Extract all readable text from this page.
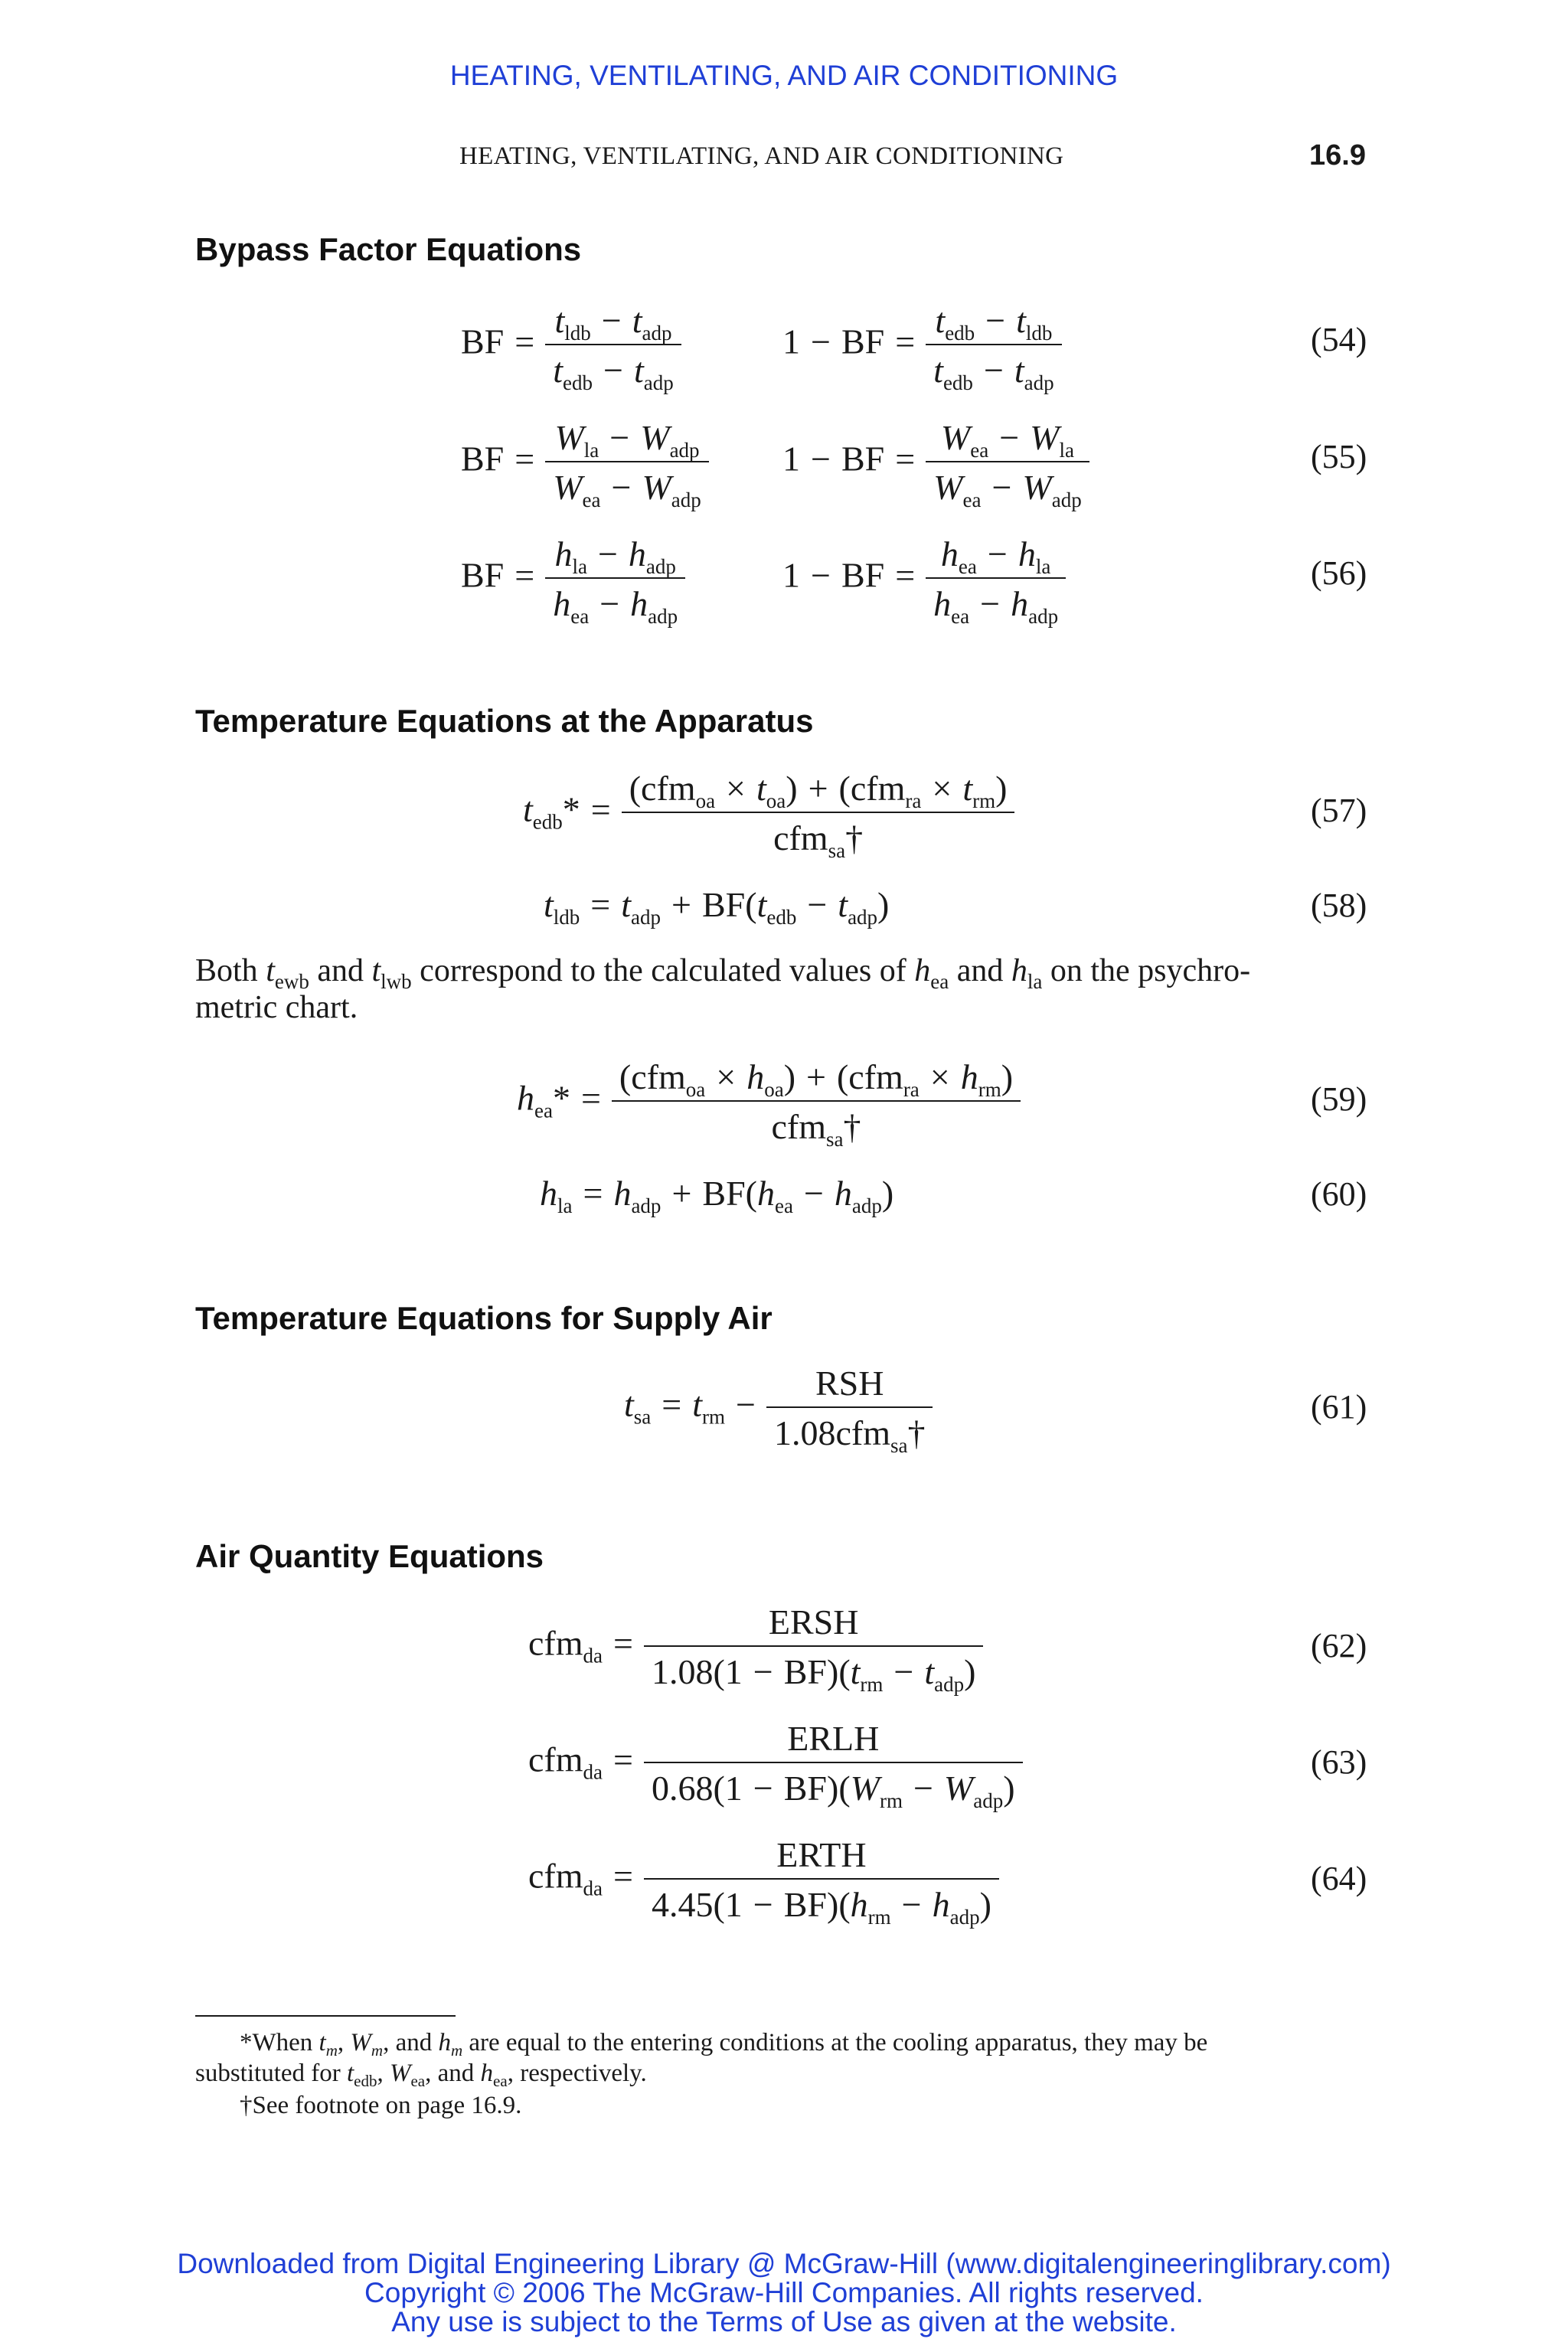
HEATING, VENTILATING, AND AIR CONDITIONING
HEATING, VENTILATING, AND AIR CONDITIONING	16.9
Bypass Factor Equations
BF = $\frac{t_{ldb} - t_{adp}}{t_{edb} - t_{adp}}$	1 − BF = $\frac{t_{edb} - t_{ldb}}{t_{edb} - t_{adp}}$	(54)
BF = $\frac{W_{la} - W_{adp}}{W_{ea} - W_{adp}} 1$ − BF = $\frac{W_{ea} - W_{la}}{W_{ea} - W_{adp}}$	(55)
BF = $\frac{h_{la} - h_{adp}}{h_{ea} - h_{adp}}$	1 − BF = $\frac{h_{ea} - h_{la}}{h_{ea} - h_{adp}}$	(56)
Temperature Equations at the Apparatus
$t_{edb}* = \frac{(cfm_{oa} \times t_{oa}) + (cfm_{ra} \times t_{rm})}{cfm_{sa}\dagger}$	(57)
$t_{ldb} = t_{adp} + BF(t_{edb} - t_{adp})$	(58)
Both $t_{ewb}$ and $t_{lwb}$ correspond to the calculated values of $h_{ea}$ and $h_{la}$ on the psychro-
metric chart.
$h_{ea}* = \frac{(cfm_{oa} \times h_{oa}) + (cfm_{ra} \times h_{rm})}{cfm_{sa}\dagger}$	(59)
$h_{la} = h_{adp} + BF(h_{ea} - h_{adp})$	(60)
Temperature Equations for Supply Air
$t_{sa} = t_{rm} - \frac{\text{RSH}}{1.08cfm_{sa}\dagger}$	(61)
Air Quantity Equations
$cfm_{da} = \frac{\text{ERSH}}{1.08(1 - BF)(t_{rm} - t_{adp})}$	(62)
$cfm_{da} = \frac{\text{ERLH}}{0.68(1 - BF)(W_{rm} - W_{adp})}$	(63)
$cfm_{da} = \frac{\text{ERTH}}{4.45(1 - BF)(h_{rm} - h_{adp})}$	(64)
*When $t_m$, $W_m$, and $h_m$ are equal to the entering conditions at the cooling apparatus, they may be
substituted for $t_{edb}$, $W_{ea}$, and $h_{ea}$, respectively.
†See footnote on page 16.9.
Downloaded from Digital Engineering Library @ McGraw-Hill (www.digitalengineeringlibrary.com)
Copyright © 2006 The McGraw-Hill Companies. All rights reserved.
Any use is subject to the Terms of Use as given at the website.
